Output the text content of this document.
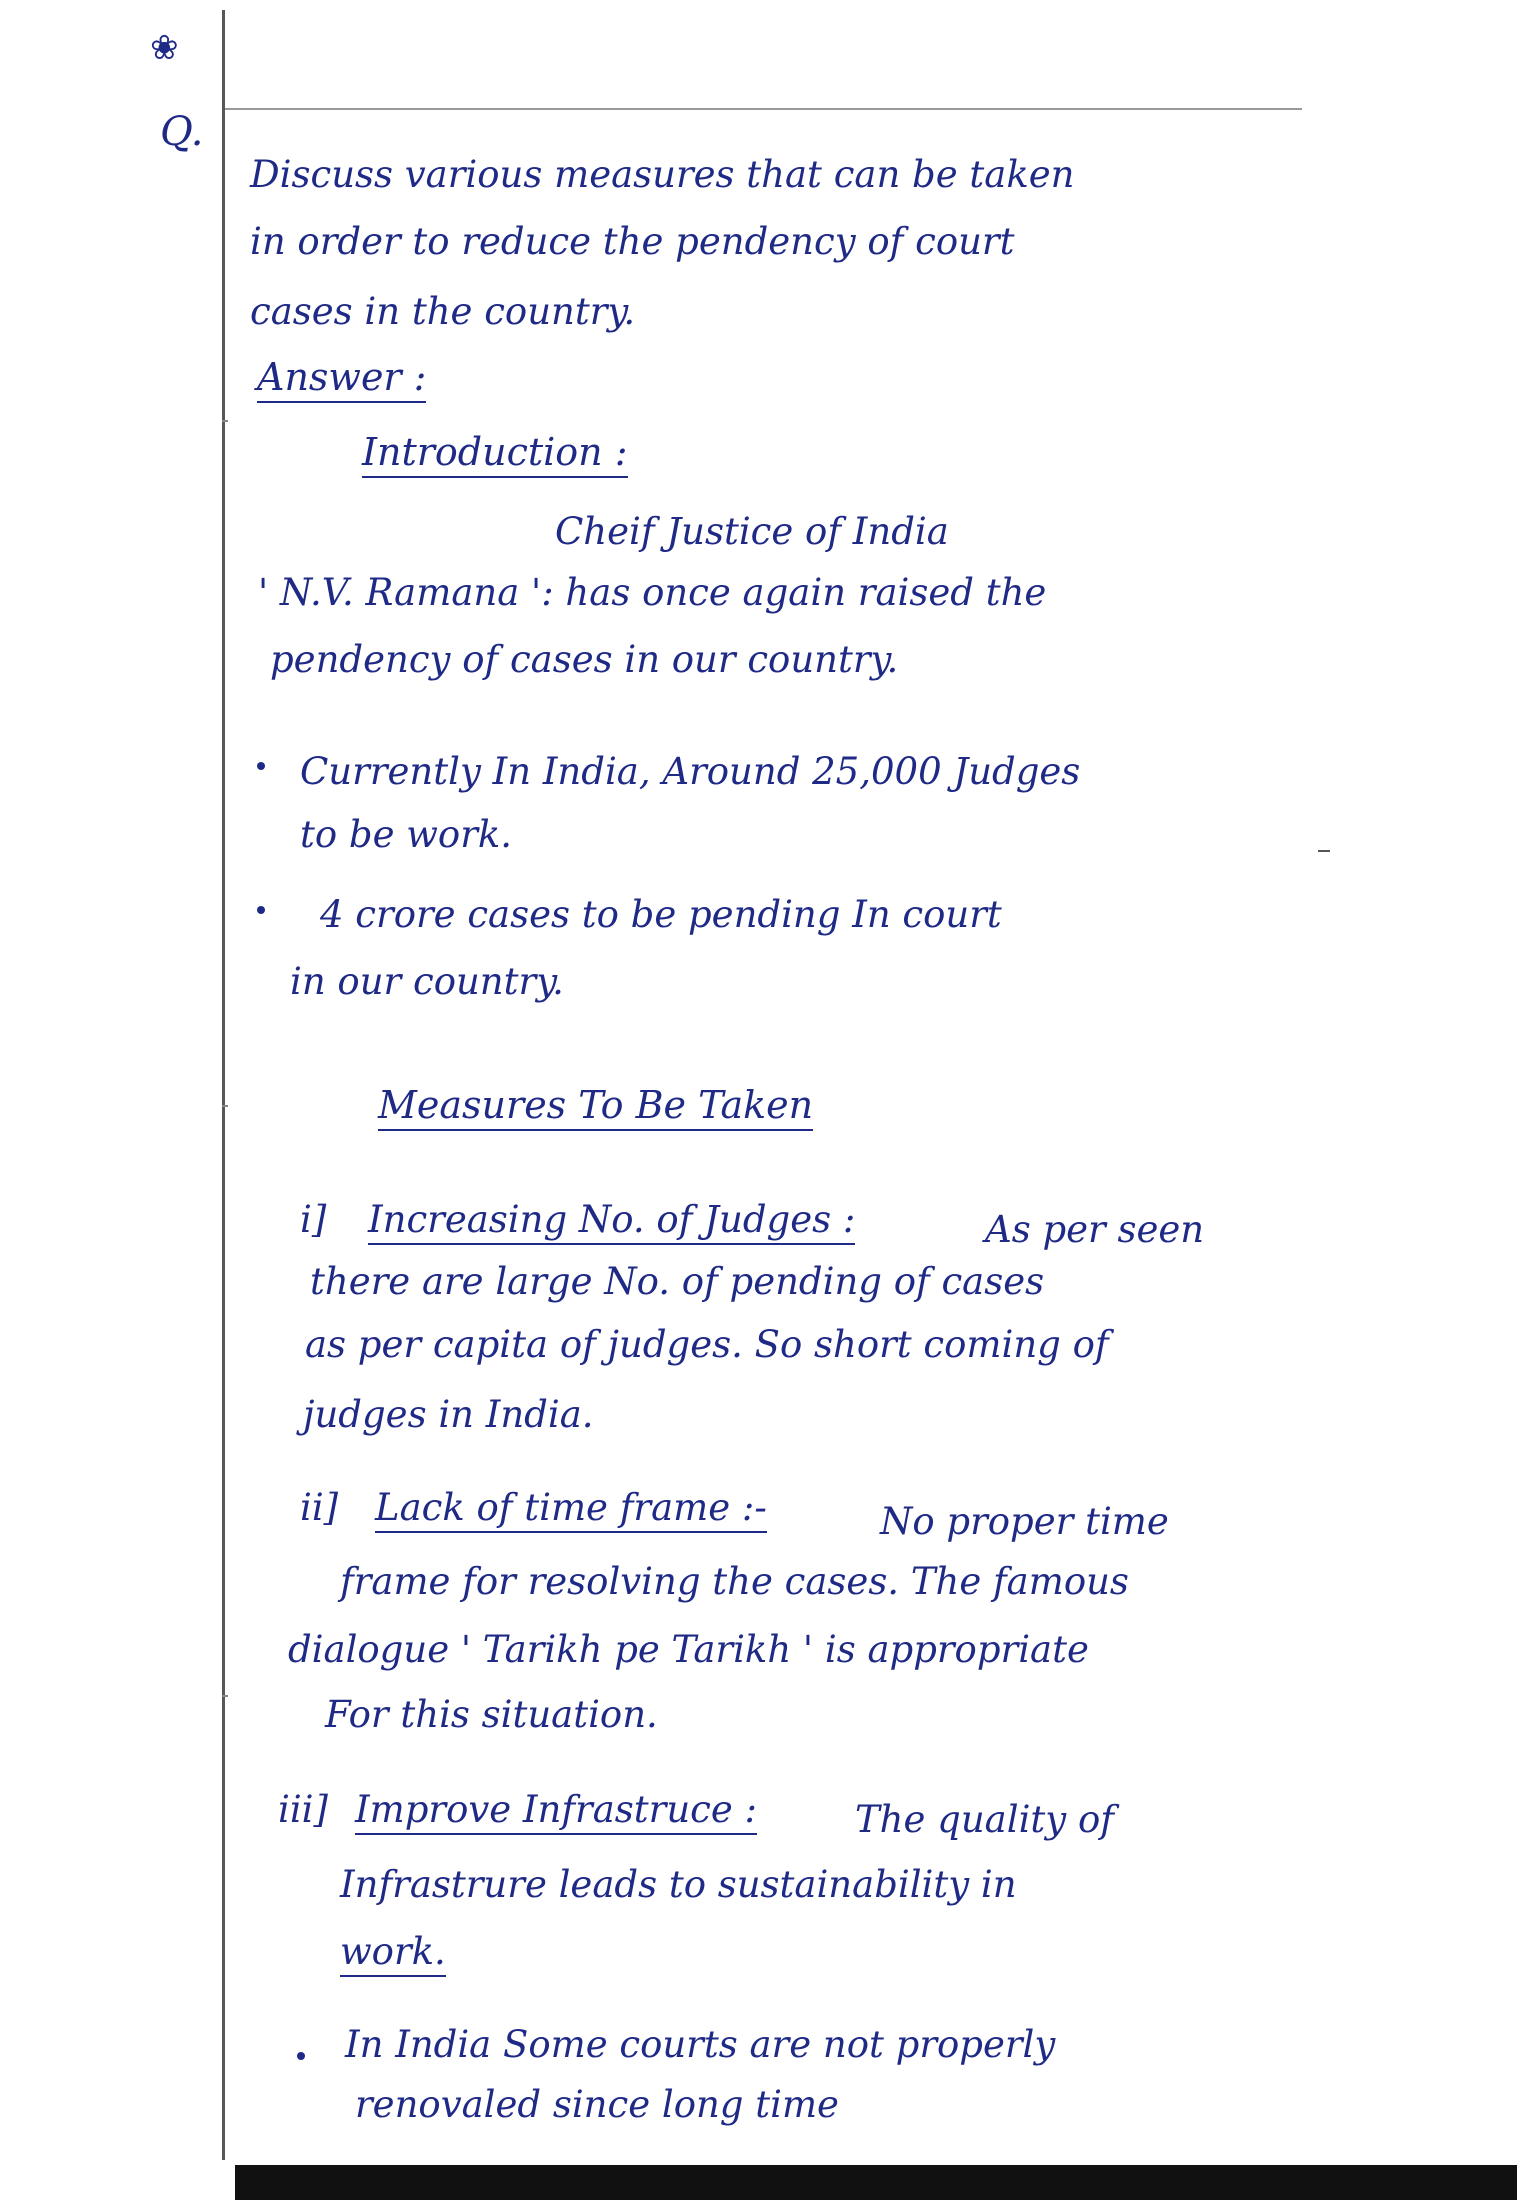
❀
Q.
Discuss various measures that can be taken
in order to reduce the pendency of court
cases in the country.
Answer :
Introduction :
Cheif Justice of India
' N.V. Ramana ': has once again raised the
pendency of cases in our country.
Currently In India, Around 25,000 Judges
to be work.
4 crore cases to be pending In court
in our country.
Measures To Be Taken
i] Increasing No. of Judges :	As per seen
there are large No. of pending of cases
as per capita of judges. So short coming of
judges in India.
ii] Lack of time frame :-	No proper time
frame for resolving the cases. The famous
dialogue ' Tarikh pe Tarikh ' is appropriate
For this situation.
iii] Improve Infrastruce :	The quality of
Infrastrure leads to sustainability in
work.
In India Some courts are not properly
renovaled since long time
